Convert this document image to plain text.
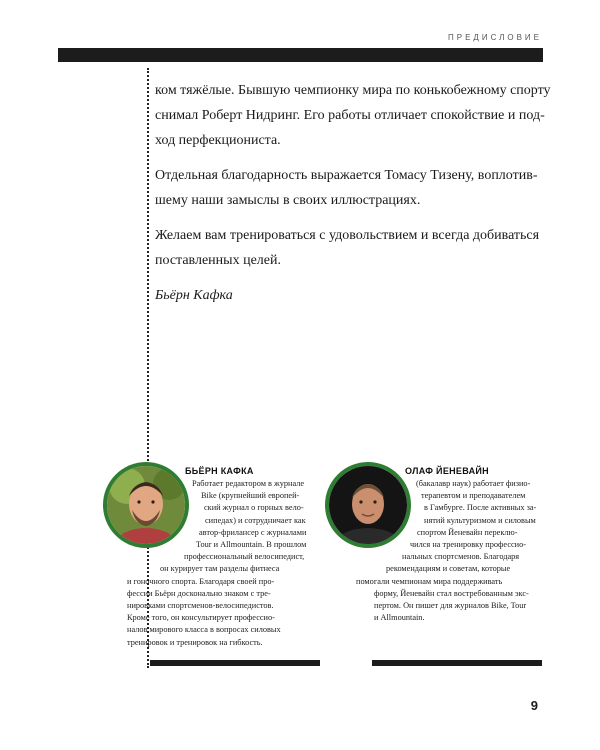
ПРЕДИСЛОВИЕ

ком тяжёлые. Бывшую чемпионку мира по конькобежному спорту
снимал Роберт Нидринг. Его работы отличает спокойствие и под-
ход перфекциониста.

Отдельная благодарность выражается Томасу Тизену, воплотив-
шему наши замыслы в своих иллюстрациях.

Желаем вам тренироваться с удовольствием и всегда добиваться
поставленных целей.

Бьёрн Кафка

БЬЁРН КАФКА
Работает редактором в журнале
Bike (крупнейший европей-
ский журнал о горных вело-
сипедах) и сотрудничает как
автор-фрилансер с журналами
Tour и Allmountain. В прошлом
профессиональный велосипедист,
он курирует там разделы фитнеса
и гоночного спорта. Благодаря своей про-
фессии Бьёрн досконально знаком с тре-
нировками спортсменов-велосипедистов.
Кроме того, он консультирует профессио-
налов мирового класса в вопросах силовых
тренировок и тренировок на гибкость.
ОЛАФ ЙЕНЕВАЙН
(бакалавр наук) работает физио-
терапевтом и преподавателем
в Гамбурге. После активных за-
нятий культуризмом и силовым
спортом Йеневайн переклю-
чился на тренировку профессио-
нальных спортсменов. Благодаря
рекомендациям и советам, которые
помогали чемпионам мира поддерживать
форму, Йеневайн стал востребованным экс-
пертом. Он пишет для журналов Bike, Tour
и Allmountain.
9
